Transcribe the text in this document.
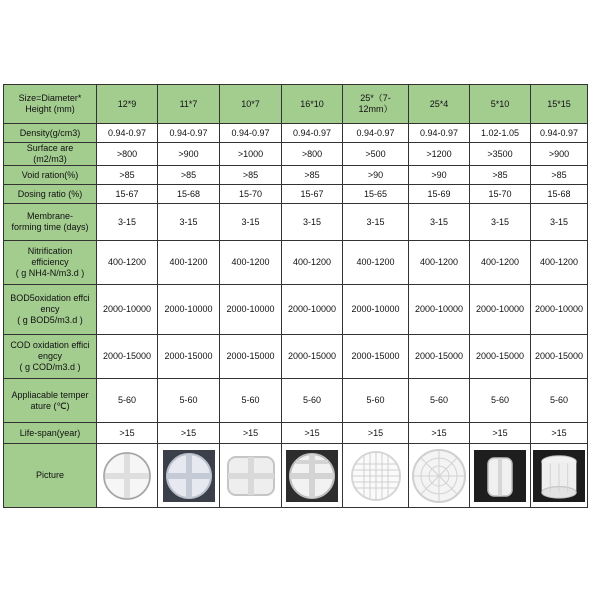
Size=Diameter*
Height (mm)	12*9	11*7	10*7	16*10	25*（7-
12mm）	25*4	5*10	15*15
Density(g/cm3)	0.94-0.97	0.94-0.97	0.94-0.97	0.94-0.97	0.94-0.97	0.94-0.97	1.02-1.05	0.94-0.97
Surface are
(m2/m3)	>800	>900	>1000	>800	>500	>1200	>3500	>900
Void ration(%)	>85	>85	>85	>85	>90	>90	>85	>85
Dosing ratio (%)	15-67	15-68	15-70	15-67	15-65	15-69	15-70	15-68
Membrane-
forming time (days)	3-15	3-15	3-15	3-15	3-15	3-15	3-15	3-15
Nitrification
efficiency
( g NH4-N/m3.d )	400-1200	400-1200	400-1200	400-1200	400-1200	400-1200	400-1200	400-1200
BOD5oxidation effci
ency
( g BOD5/m3.d )	2000-10000	2000-10000	2000-10000	2000-10000	2000-10000	2000-10000	2000-10000	2000-10000
COD oxidation effici
engcy
( g COD/m3.d )	2000-15000	2000-15000	2000-15000	2000-15000	2000-15000	2000-15000	2000-15000	2000-15000
Appliacable temper
ature (℃)	5-60	5-60	5-60	5-60	5-60	5-60	5-60	5-60
Life-span(year)	>15	>15	>15	>15	>15	>15	>15	>15
Picture	
